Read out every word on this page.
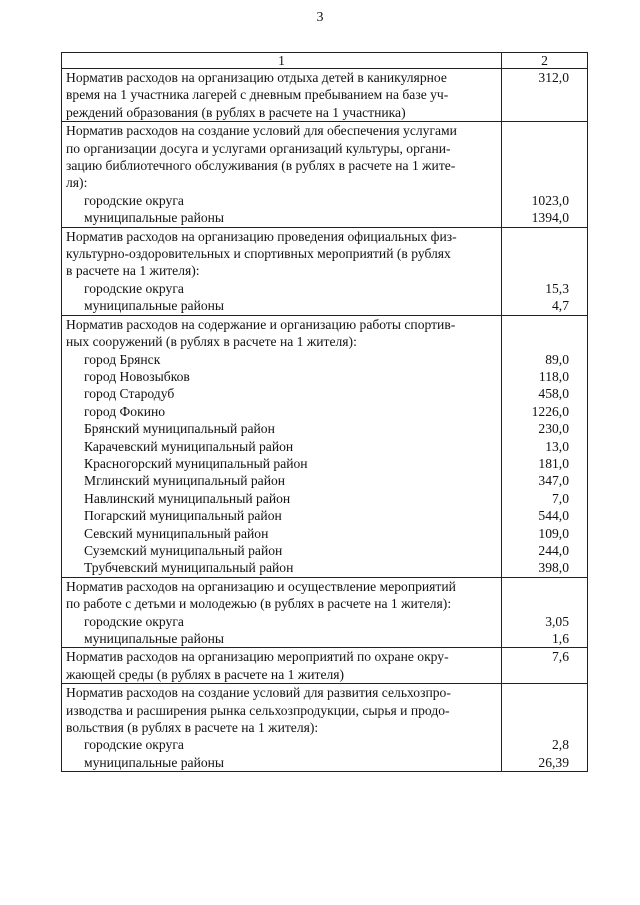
3
1	2

Норматив расходов на организацию отдыха детей в каникулярное
время на 1 участника лагерей с дневным пребыванием на базе уч-
реждений образования (в рублях в расчете на 1 участника)	312,0

Норматив расходов на создание условий для обеспечения услугами
по организации досуга и услугами организаций культуры, органи-
зацию библиотечного обслуживания (в рублях в расчете на 1 жите-
ля):	

городские округа	1023,0
муниципальные районы	1394,0

Норматив расходов на организацию проведения официальных физ-
культурно-оздоровительных и спортивных мероприятий (в рублях
в расчете на 1 жителя):	

городские округа	15,3
муниципальные районы	4,7

Норматив расходов на содержание и организацию работы спортив-
ных сооружений (в рублях в расчете на 1 жителя):	

город Брянск	89,0
город Новозыбков	118,0
город Стародуб	458,0
город Фокино	1226,0
Брянский муниципальный район	230,0
Карачевский муниципальный район	13,0
Красногорский муниципальный район	181,0
Мглинский муниципальный район	347,0
Навлинский муниципальный район	7,0
Погарский муниципальный район	544,0
Севский муниципальный район	109,0
Суземский муниципальный район	244,0
Трубчевский муниципальный район	398,0

Норматив расходов на организацию и осуществление мероприятий
по работе с детьми и молодежью (в рублях в расчете на 1 жителя):	

городские округа	3,05
муниципальные районы	1,6

Норматив расходов на организацию мероприятий по охране окру-
жающей среды (в рублях в расчете на 1 жителя)	7,6

Норматив расходов на создание условий для развития сельхозпро-
изводства и расширения рынка сельхозпродукции, сырья и продо-
вольствия (в рублях в расчете на 1 жителя):	

городские округа	2,8
муниципальные районы	26,39
